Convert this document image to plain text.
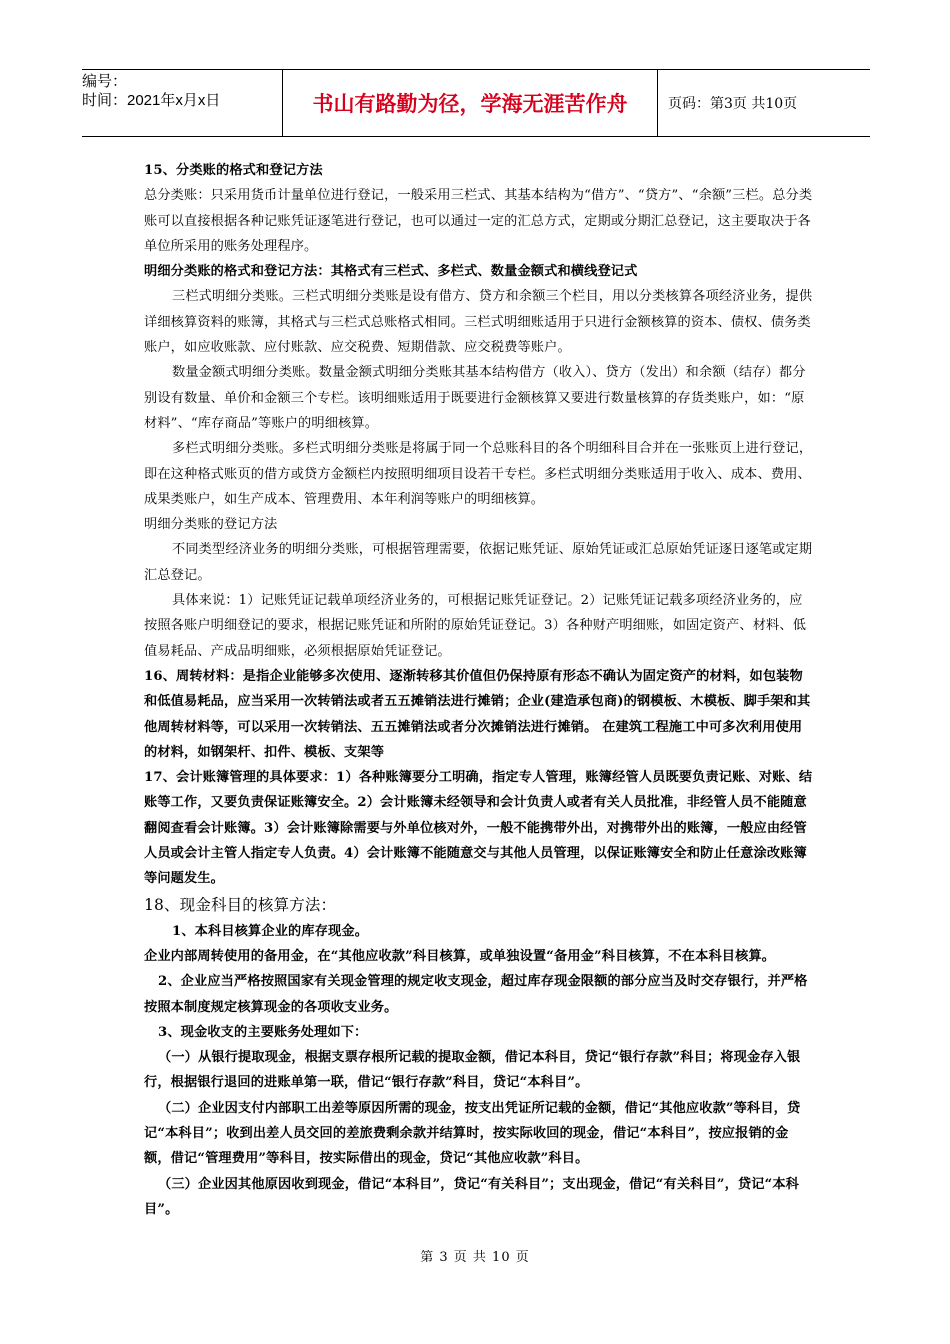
编号：
时间：2021年x月x日	书山有路勤为径，学海无涯苦作舟	页码：第3页 共10页

15、分类账的格式和登记方法

总分类账：只采用货币计量单位进行登记，一般采用三栏式、其基本结构为“借方”、“贷方”、“余额”三栏。总分类账可以直接根据各种记账凭证逐笔进行登记，也可以通过一定的汇总方式，定期或分期汇总登记，这主要取决于各单位所采用的账务处理程序。

明细分类账的格式和登记方法：其格式有三栏式、多栏式、数量金额式和横线登记式

三栏式明细分类账。三栏式明细分类账是设有借方、贷方和余额三个栏目，用以分类核算各项经济业务，提供详细核算资料的账簿，其格式与三栏式总账格式相同。三栏式明细账适用于只进行金额核算的资本、债权、债务类账户，如应收账款、应付账款、应交税费、短期借款、应交税费等账户。

数量金额式明细分类账。数量金额式明细分类账其基本结构借方（收入）、贷方（发出）和余额（结存）都分别设有数量、单价和金额三个专栏。该明细账适用于既要进行金额核算又要进行数量核算的存货类账户，如：“原材料”、“库存商品”等账户的明细核算。

多栏式明细分类账。多栏式明细分类账是将属于同一个总账科目的各个明细科目合并在一张账页上进行登记，即在这种格式账页的借方或贷方金额栏内按照明细项目设若干专栏。多栏式明细分类账适用于收入、成本、费用、成果类账户，如生产成本、管理费用、本年利润等账户的明细核算。

明细分类账的登记方法

不同类型经济业务的明细分类账，可根据管理需要，依据记账凭证、原始凭证或汇总原始凭证逐日逐笔或定期汇总登记。

具体来说：1）记账凭证记载单项经济业务的，可根据记账凭证登记。2）记账凭证记载多项经济业务的，应按照各账户明细登记的要求，根据记账凭证和所附的原始凭证登记。3）各种财产明细账，如固定资产、材料、低值易耗品、产成品明细账，必须根据原始凭证登记。

16、周转材料：是指企业能够多次使用、逐渐转移其价值但仍保持原有形态不确认为固定资产的材料，如包装物和低值易耗品，应当采用一次转销法或者五五摊销法进行摊销；企业(建造承包商)的钢模板、木模板、脚手架和其他周转材料等，可以采用一次转销法、五五摊销法或者分次摊销法进行摊销。 在建筑工程施工中可多次利用使用的材料，如钢架杆、扣件、模板、支架等

17、会计账簿管理的具体要求：1）各种账簿要分工明确，指定专人管理，账簿经管人员既要负责记账、对账、结账等工作，又要负责保证账簿安全。2）会计账簿未经领导和会计负责人或者有关人员批准，非经管人员不能随意翻阅查看会计账簿。3）会计账簿除需要与外单位核对外，一般不能携带外出，对携带外出的账簿，一般应由经管人员或会计主管人指定专人负责。4）会计账簿不能随意交与其他人员管理，以保证账簿安全和防止任意涂改账簿等问题发生。

18、现金科目的核算方法：

1、本科目核算企业的库存现金。

企业内部周转使用的备用金，在“其他应收款”科目核算，或单独设置“备用金”科目核算，不在本科目核算。

2、企业应当严格按照国家有关现金管理的规定收支现金，超过库存现金限额的部分应当及时交存银行，并严格按照本制度规定核算现金的各项收支业务。

3、现金收支的主要账务处理如下：

（一）从银行提取现金，根据支票存根所记载的提取金额，借记本科目，贷记“银行存款”科目；将现金存入银行，根据银行退回的进账单第一联，借记“银行存款”科目，贷记“本科目”。

（二）企业因支付内部职工出差等原因所需的现金，按支出凭证所记载的金额，借记“其他应收款”等科目，贷记“本科目”；收到出差人员交回的差旅费剩余款并结算时，按实际收回的现金，借记“本科目”，按应报销的金额，借记“管理费用”等科目，按实际借出的现金，贷记“其他应收款”科目。

（三）企业因其他原因收到现金，借记“本科目”，贷记“有关科目”；支出现金，借记“有关科目”，贷记“本科目”。

第 3 页 共 10 页
